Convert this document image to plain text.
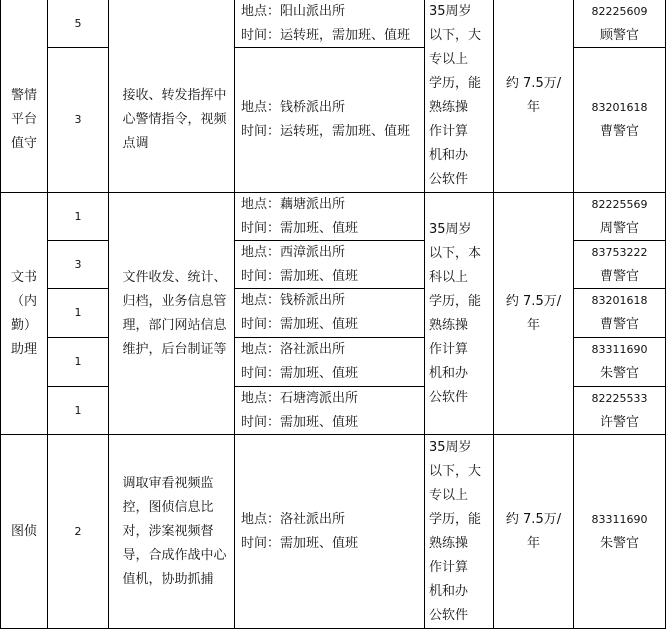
警情
平台
值守
5
3
接收、转发指挥中
心警情指令，视频
点调
地点：阳山派出所
时间：运转班，需加班、值班
地点：钱桥派出所
时间：运转班，需加班、值班
35周岁
以下，大
专以上
学历，能
熟练操
作计算
机和办
公软件
约 7.5万/
年
82225609
顾警官
83201618
曹警官
文书
（内
勤）
助理
1
3
1
1
1
文件收发、统计、
归档，业务信息管
理，部门网站信息
维护，后台制证等
地点：藕塘派出所
时间：需加班、值班
地点：西漳派出所
时间：需加班、值班
地点：钱桥派出所
时间：需加班、值班
地点：洛社派出所
时间：需加班、值班
地点：石塘湾派出所
时间：需加班、值班
35周岁
以下，本
科以上
学历，能
熟练操
作计算
机和办
公软件
约 7.5万/
年
82225569
周警官
83753222
曹警官
83201618
曹警官
83311690
朱警官
82225533
许警官
图侦	2
调取审看视频监
控，图侦信息比
对，涉案视频督
导，合成作战中心
值机，协助抓捕
地点：洛社派出所
时间：需加班、值班
35周岁
以下，大
专以上
学历，能
熟练操
作计算
机和办
公软件
约 7.5万/
年
83311690
朱警官
